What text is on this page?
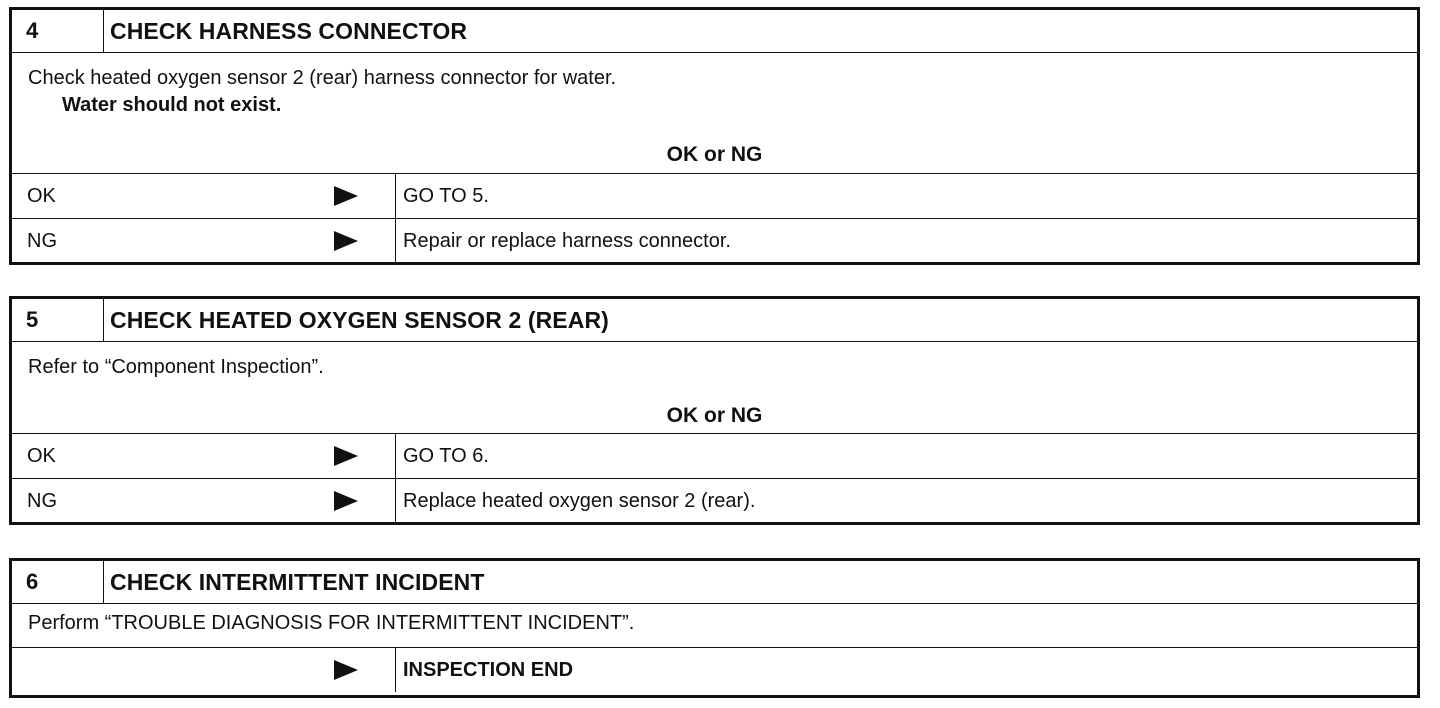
4	CHECK HARNESS CONNECTOR
Check heated oxygen sensor 2 (rear) harness connector for water.
Water should not exist.
OK or NG
OK	GO TO 5.
NG	Repair or replace harness connector.
5	CHECK HEATED OXYGEN SENSOR 2 (REAR)
Refer to “Component Inspection”.
OK or NG
OK	GO TO 6.
NG	Replace heated oxygen sensor 2 (rear).
6	CHECK INTERMITTENT INCIDENT
Perform “TROUBLE DIAGNOSIS FOR INTERMITTENT INCIDENT”.
INSPECTION END
